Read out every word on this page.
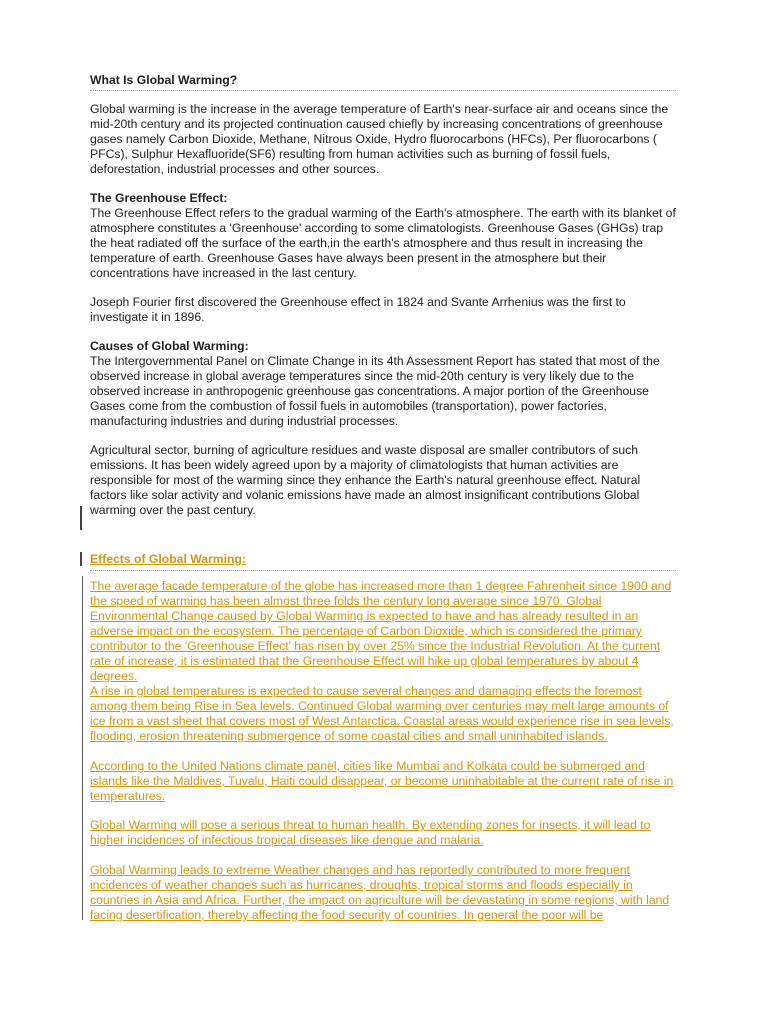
What Is Global Warming?

Global warming is the increase in the average temperature of Earth's near-surface air and oceans since the mid-20th century and its projected continuation caused chiefly by increasing concentrations of greenhouse gases namely Carbon Dioxide, Methane, Nitrous Oxide, Hydro fluorocarbons (HFCs), Per fluorocarbons ( PFCs), Sulphur Hexafluoride(SF6) resulting from human activities such as burning of fossil fuels, deforestation, industrial processes and other sources.

The Greenhouse Effect:
The Greenhouse Effect refers to the gradual warming of the Earth's atmosphere. The earth with its blanket of atmosphere constitutes a 'Greenhouse' according to some climatologists. Greenhouse Gases (GHGs) trap the heat radiated off the surface of the earth,in the earth's atmosphere and thus result in increasing the temperature of earth. Greenhouse Gases have always been present in the atmosphere but their concentrations have increased in the last century.

Joseph Fourier first discovered the Greenhouse effect in 1824 and Svante Arrhenius was the first to investigate it in 1896.

Causes of Global Warming:
The Intergovernmental Panel on Climate Change in its 4th Assessment Report has stated that most of the observed increase in global average temperatures since the mid-20th century is very likely due to the observed increase in anthropogenic greenhouse gas concentrations. A major portion of the Greenhouse Gases come from the combustion of fossil fuels in automobiles (transportation), power factories, manufacturing industries and during industrial processes.

Agricultural sector, burning of agriculture residues and waste disposal are smaller contributors of such emissions. It has been widely agreed upon by a majority of climatologists that human activities are responsible for most of the warming since they enhance the Earth's natural greenhouse effect. Natural factors like solar activity and volanic emissions have made an almost insignificant contributions Global warming over the past century.

Effects of Global Warming:

The average facade temperature of the globe has increased more than 1 degree Fahrenheit since 1900 and the speed of warming has been almost three folds the century long average since 1970. Global Environmental Change caused by Global Warming is expected to have and has already resulted in an adverse impact on the ecosystem. The percentage of Carbon Dioxide, which is considered the primary contributor to the 'Greenhouse Effect' has risen by over 25% since the Industrial Revolution. At the current rate of increase, it is estimated that the Greenhouse Effect will hike up global temperatures by about 4 degrees.

A rise in global temperatures is expected to cause several changes and damaging effects the foremost among them being Rise in Sea levels. Continued Global warming over centuries may melt large amounts of ice from a vast sheet that covers most of West Antarctica. Coastal areas would experience rise in sea levels, flooding, erosion threatening submergence of some coastal cities and small uninhabited islands.

According to the United Nations climate panel, cities like Mumbai and Kolkata could be submerged and islands like the Maldives, Tuvalu, Haiti could disappear, or become uninhabitable at the current rate of rise in temperatures.

Global Warming will pose a serious threat to human health. By extending zones for insects, it will lead to higher incidences of infectious tropical diseases like dengue and malaria.

Global Warming leads to extreme Weather changes and has reportedly contributed to more frequent incidences of weather changes such as hurricanes, droughts, tropical storms and floods especially in countries in Asia and Africa. Further, the impact on agriculture will be devastating in some regions, with land facing desertification, thereby affecting the food security of countries. In general the poor will be
